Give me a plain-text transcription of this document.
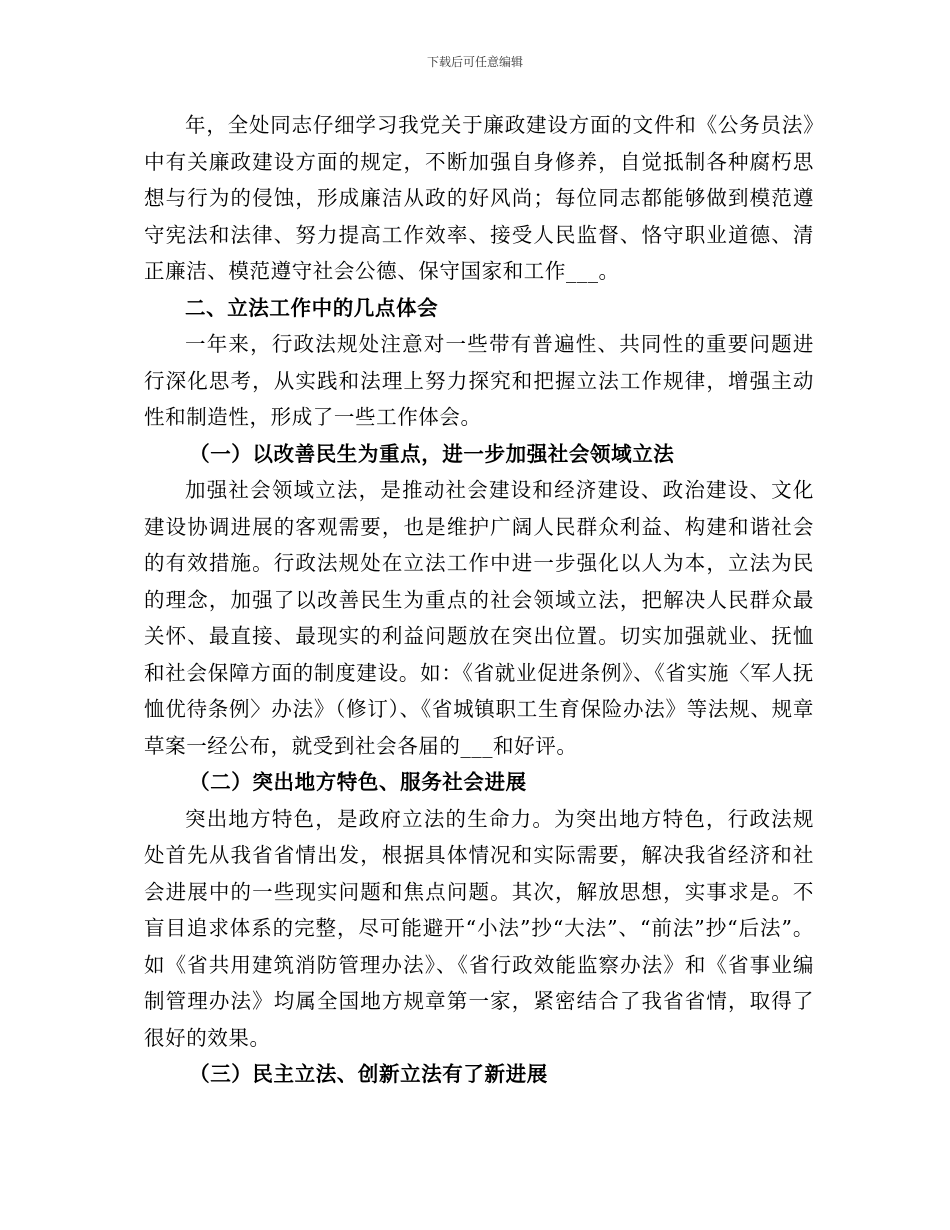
下载后可任意编辑

年，全处同志仔细学习我党关于廉政建设方面的文件和《公务员法》中有关廉政建设方面的规定，不断加强自身修养，自觉抵制各种腐朽思想与行为的侵蚀，形成廉洁从政的好风尚；每位同志都能够做到模范遵守宪法和法律、努力提高工作效率、接受人民监督、恪守职业道德、清正廉洁、模范遵守社会公德、保守国家和工作___。

二、立法工作中的几点体会

一年来，行政法规处注意对一些带有普遍性、共同性的重要问题进行深化思考，从实践和法理上努力探究和把握立法工作规律，增强主动性和制造性，形成了一些工作体会。

（一）以改善民生为重点，进一步加强社会领域立法

加强社会领域立法，是推动社会建设和经济建设、政治建设、文化建设协调进展的客观需要，也是维护广阔人民群众利益、构建和谐社会的有效措施。行政法规处在立法工作中进一步强化以人为本，立法为民的理念，加强了以改善民生为重点的社会领域立法，把解决人民群众最关怀、最直接、最现实的利益问题放在突出位置。切实加强就业、抚恤和社会保障方面的制度建设。如：《省就业促进条例》、《省实施〈军人抚恤优待条例〉办法》（修订）、《省城镇职工生育保险办法》等法规、规章草案一经公布，就受到社会各届的___和好评。

（二）突出地方特色、服务社会进展

突出地方特色，是政府立法的生命力。为突出地方特色，行政法规处首先从我省省情出发，根据具体情况和实际需要，解决我省经济和社会进展中的一些现实问题和焦点问题。其次，解放思想，实事求是。不盲目追求体系的完整，尽可能避开“小法”抄“大法”、“前法”抄“后法”。如《省共用建筑消防管理办法》、《省行政效能监察办法》和《省事业编制管理办法》均属全国地方规章第一家，紧密结合了我省省情，取得了很好的效果。

（三）民主立法、创新立法有了新进展
